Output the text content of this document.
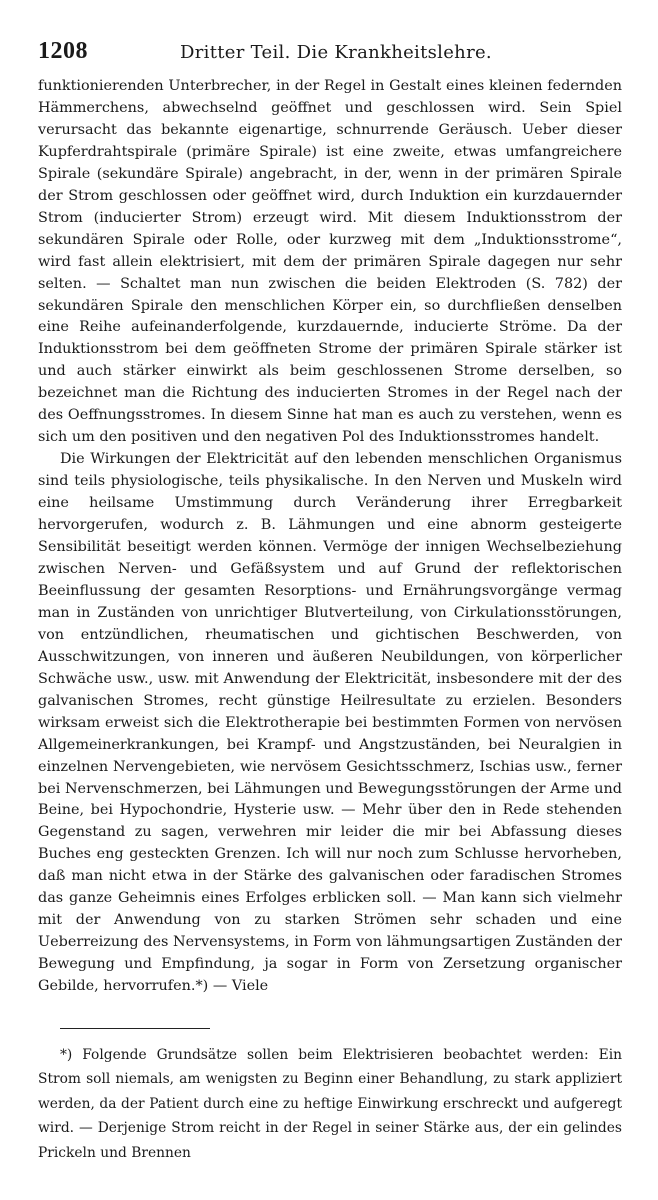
1208	Dritter Teil. Die Krankheitslehre.

funktionierenden Unterbrecher, in der Regel in Gestalt eines kleinen federnden Hämmerchens, abwechselnd geöffnet und geschlossen wird. Sein Spiel verursacht das bekannte eigenartige, schnurrende Geräusch. Ueber dieser Kupferdrahtspirale (primäre Spirale) ist eine zweite, etwas umfangreichere Spirale (sekundäre Spirale) angebracht, in der, wenn in der primären Spirale der Strom geschlossen oder geöffnet wird, durch Induktion ein kurzdauernder Strom (inducierter Strom) erzeugt wird. Mit diesem Induktionsstrom der sekundären Spirale oder Rolle, oder kurzweg mit dem „Induktionsstrome“, wird fast allein elektrisiert, mit dem der primären Spirale dagegen nur sehr selten. — Schaltet man nun zwischen die beiden Elektroden (S. 782) der sekundären Spirale den menschlichen Körper ein, so durchfließen denselben eine Reihe aufeinanderfolgende, kurzdauernde, inducierte Ströme. Da der Induktionsstrom bei dem geöffneten Strome der primären Spirale stärker ist und auch stärker einwirkt als beim geschlossenen Strome derselben, so bezeichnet man die Richtung des inducierten Stromes in der Regel nach der des Oeffnungsstromes. In diesem Sinne hat man es auch zu verstehen, wenn es sich um den positiven und den negativen Pol des Induktionsstromes handelt.

Die Wirkungen der Elektricität auf den lebenden menschlichen Organismus sind teils physiologische, teils physikalische. In den Nerven und Muskeln wird eine heilsame Umstimmung durch Veränderung ihrer Erregbarkeit hervorgerufen, wodurch z. B. Lähmungen und eine abnorm gesteigerte Sensibilität beseitigt werden können. Vermöge der innigen Wechselbeziehung zwischen Nerven- und Gefäßsystem und auf Grund der reflektorischen Beeinflussung der gesamten Resorptions- und Ernährungsvorgänge vermag man in Zuständen von unrichtiger Blutverteilung, von Cirkulationsstörungen, von entzündlichen, rheumatischen und gichtischen Beschwerden, von Ausschwitzungen, von inneren und äußeren Neubildungen, von körperlicher Schwäche usw., usw. mit Anwendung der Elektricität, insbesondere mit der des galvanischen Stromes, recht günstige Heilresultate zu erzielen. Besonders wirksam erweist sich die Elektrotherapie bei bestimmten Formen von nervösen Allgemeinerkrankungen, bei Krampf- und Angstzuständen, bei Neuralgien in einzelnen Nervengebieten, wie nervösem Gesichtsschmerz, Ischias usw., ferner bei Nervenschmerzen, bei Lähmungen und Bewegungsstörungen der Arme und Beine, bei Hypochondrie, Hysterie usw. — Mehr über den in Rede stehenden Gegenstand zu sagen, verwehren mir leider die mir bei Abfassung dieses Buches eng gesteckten Grenzen. Ich will nur noch zum Schlusse hervorheben, daß man nicht etwa in der Stärke des galvanischen oder faradischen Stromes das ganze Geheimnis eines Erfolges erblicken soll. — Man kann sich vielmehr mit der Anwendung von zu starken Strömen sehr schaden und eine Ueberreizung des Nervensystems, in Form von lähmungsartigen Zuständen der Bewegung und Empfindung, ja sogar in Form von Zersetzung organischer Gebilde, hervorrufen.*) — Viele

*) Folgende Grundsätze sollen beim Elektrisieren beobachtet werden: Ein Strom soll niemals, am wenigsten zu Beginn einer Behandlung, zu stark appliziert werden, da der Patient durch eine zu heftige Einwirkung erschreckt und aufgeregt wird. — Derjenige Strom reicht in der Regel in seiner Stärke aus, der ein gelindes Prickeln und Brennen
